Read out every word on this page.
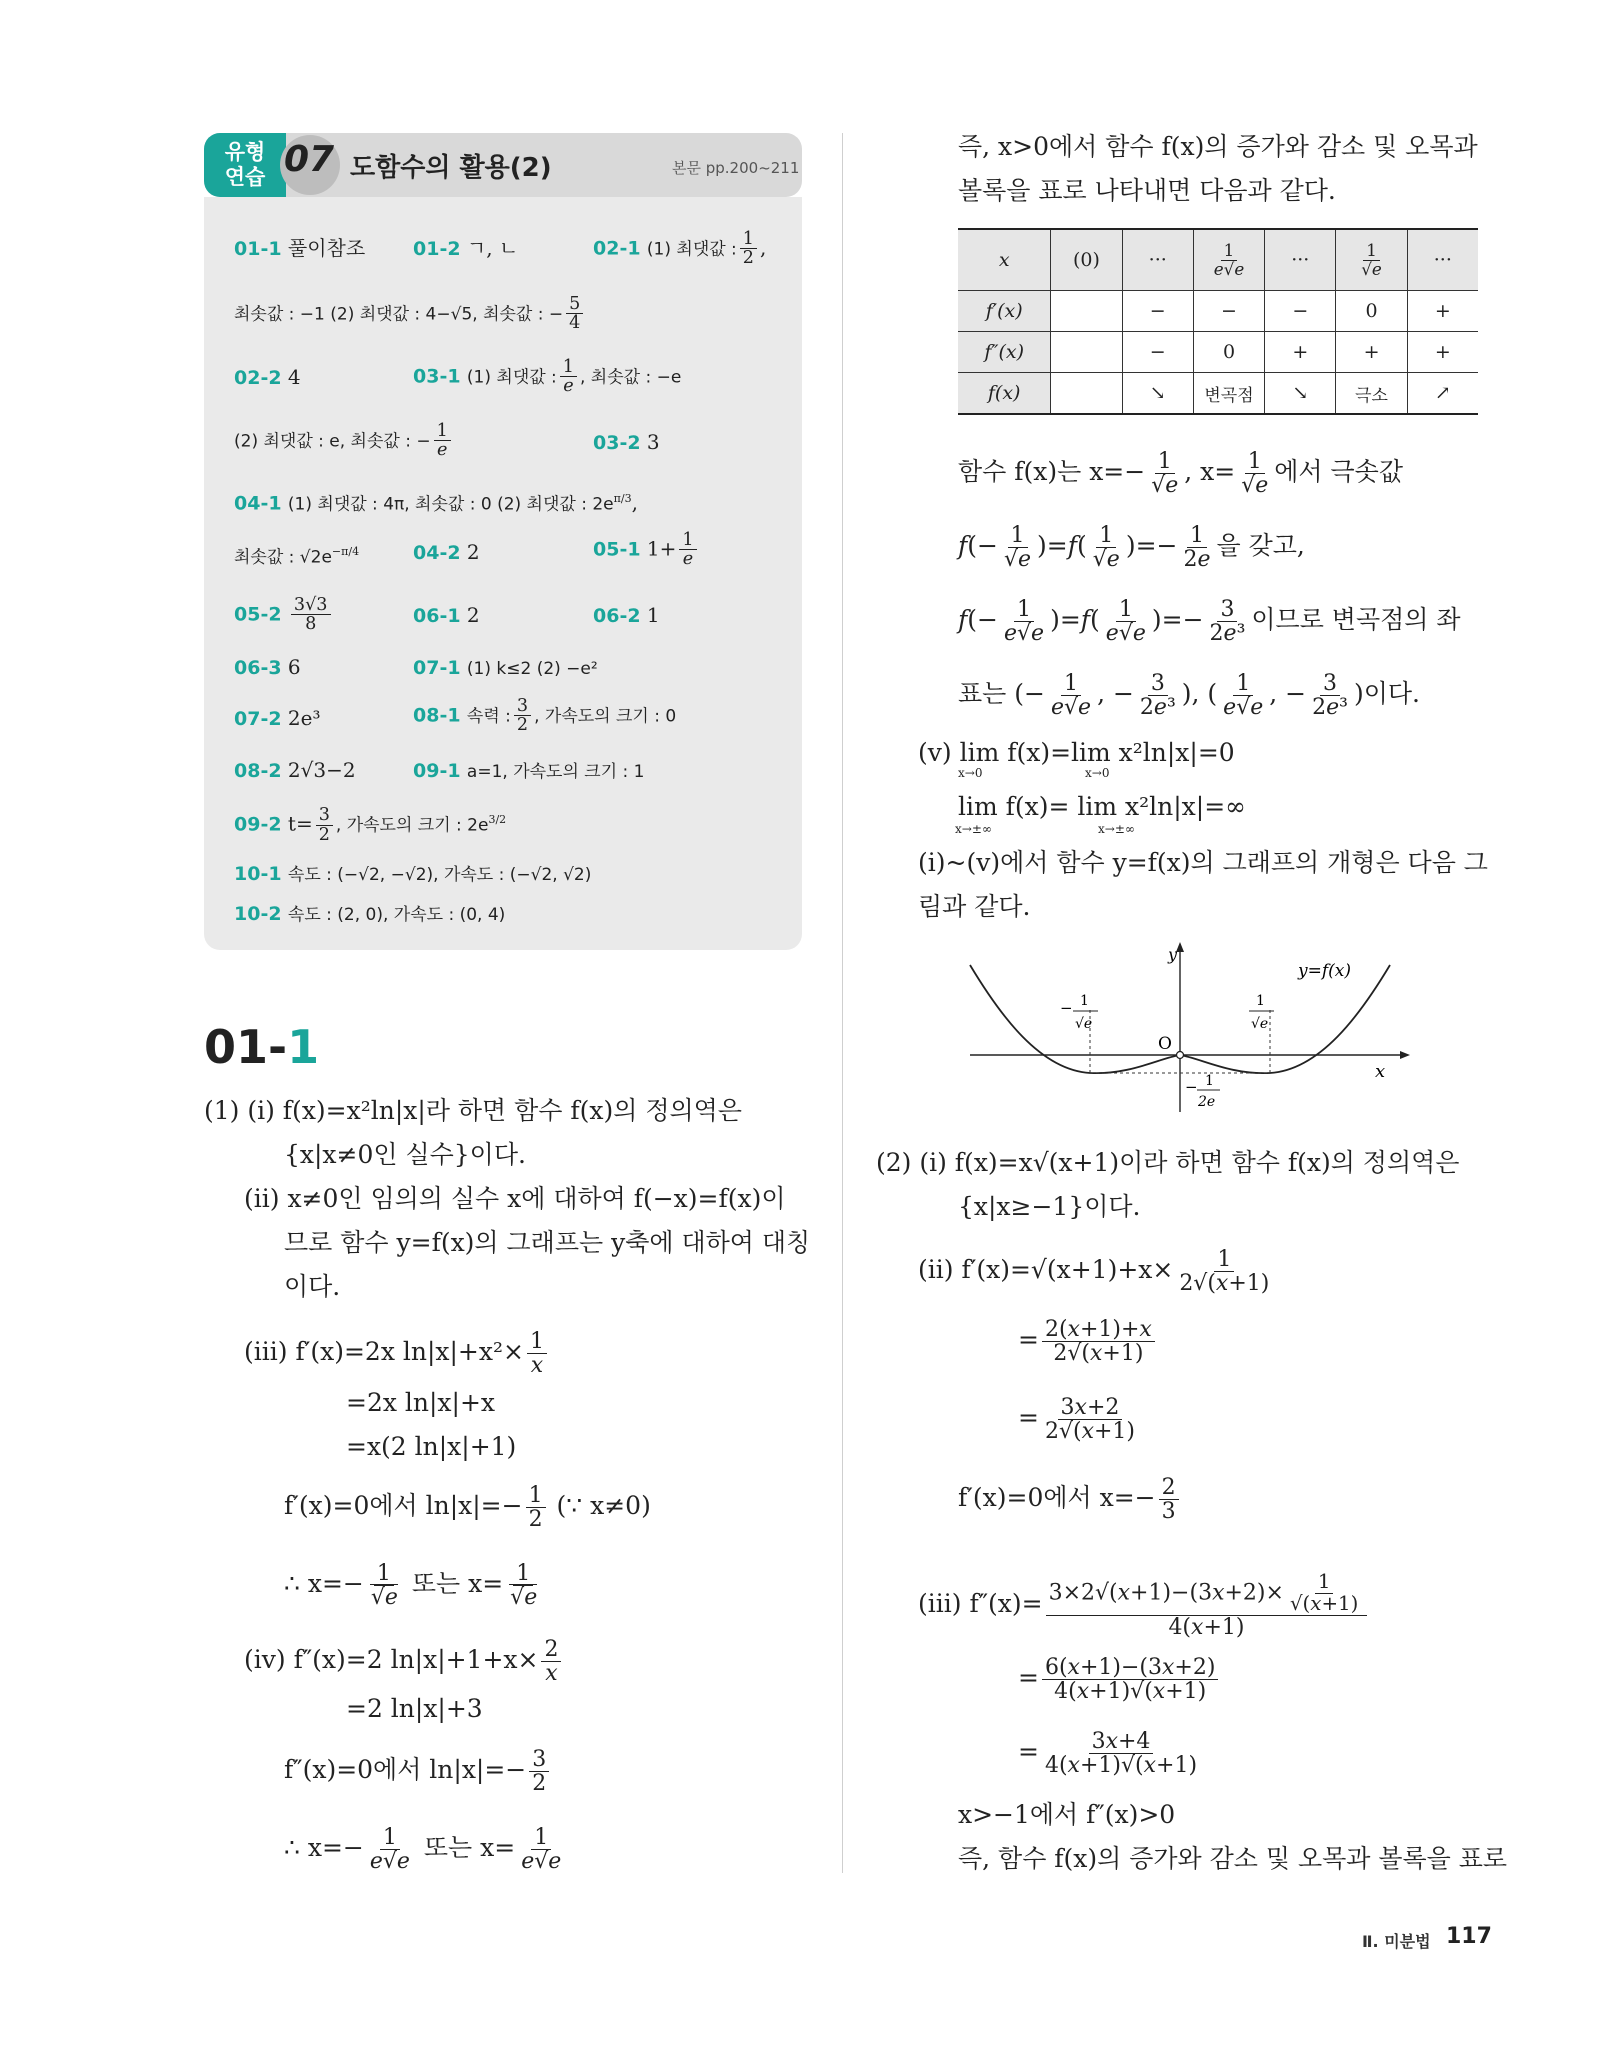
유형
연습 07 도함수의 활용(2)	본문 pp.200~211
01-1 풀이참조	01-2 ㄱ, ㄴ	02-1 (1) 최댓값 : $\frac{1}{2}$ ,
최솟값 : −1 (2) 최댓값 : 4−√5, 최솟값 : − $\frac{5}{4}$
02-2 4	03-1 (1) 최댓값 : $\frac{1}{e}$ , 최솟값 : −e
(2) 최댓값 : e, 최솟값 : − $\frac{1}{e}$	03-2 3
04-1 (1) 최댓값 : 4π, 최솟값 : 0 (2) 최댓값 : $2e^{\pi/3}$,
최솟값 : $√2e^{-\pi/4}$	04-2 2	05-1 $1+ \frac{1}{e}$
$05-2 \frac{3√3}{8}$	06-1 2	06-2 1
06-3 6	07-1 (1) k≤2 (2) −e²
07-2 2e³	08-1 속력 : $\frac{3}{2}$ , 가속도의 크기 : 0
08-2 2√3−2	09-1 a=1, 가속도의 크기 : 1
09-2 $t= \frac{3}{2}$ , 가속도의 크기 : $2e^{3/2}$
10-1 속도 : (−√2, −√2), 가속도 : (−√2, √2)
10-2 속도 : (2, 0), 가속도 : (0, 4)
01-1
(1) (i) f(x)=x²ln|x|라 하면 함수 f(x)의 정의역은
{x|x≠0인 실수}이다.
(ii) x≠0인 임의의 실수 x에 대하여 f(−x)=f(x)이
므로 함수 y=f(x)의 그래프는 y축에 대하여 대칭
이다.
(iii) f′(x)=2x $\ln|x|+x^2\times \frac{1}{x}$
=2x ln|x|+x
=x(2 ln|x|+1)
f′(x)=0에서 $\ln|x|=- \frac{1}{2}$ (∵ x≠0)
∴ $x=- \frac{1}{√e}$ 또는 $x= \frac{1}{√e}$
(iv) f″(x)=2 $\ln|x|+1+x\times \frac{2}{x}$
=2 ln|x|+3
f″(x)=0에서 $\ln|x|=- \frac{3}{2}$
∴ $x=- \frac{1}{e√e}$ 또는 $x= \frac{1}{e√e}$
즉, x>0에서 함수 f(x)의 증가와 감소 및 오목과
볼록을 표로 나타내면 다음과 같다.
x	(0)	···	$\frac{1}{e√e}$	···	$\frac{1}{√e}$	···
f′(x)		−	−	−	0	+
f″(x)		−	0	+	+	+
f(x)		↘	변곡점	↘	극소	↗
함수 f(x)는 $x=- \frac{1}{√e}$ , $x= \frac{1}{√e}$ 에서 극솟값
$f(- \frac{1}{√e} )=f( \frac{1}{√e}$ )=− $\frac{1}{2e}$ 을 갖고,
$f(- \frac{1}{e√e} )=f( \frac{1}{e√e}$ )=− $\frac{3}{\text{2e³}}$ 이므로 변곡점의 좌
표는 (− $\frac{1}{e√e}$ , − $\frac{3}{\text{2e³}}$ ), ( $\frac{1}{e√e}$ , − $\frac{3}{\text{2e³}}$ )이다.
(v) lim f(x)=lim x²ln|x|=0
x→0	x→0
lim f(x)= lim x²ln|x|=∞
x→±∞	x→±∞
(i)~(v)에서 함수 y=f(x)의 그래프의 개형은 다음 그
림과 같다.
y
x
O
y=f(x)
− 1
√e
1
√e
− 1
2e
(2) (i) f(x)=x√(x+1)이라 하면 함수 f(x)의 정의역은
{x|x≥−1}이다.
(ii) $f'(x)=√(x+1)+x\times \frac{1}{2√(x+1)}$
= $\frac{2(x+1)+x}{2√(x+1)}$
= $\frac{3x+2}{2√(x+1)}$
f′(x)=0에서 $x=- \frac{2}{3}$
(iii) $f''(x)= \frac{3\times 2√(x+1)-(3x+2)\times \frac{1}{√(x+1)}}{4(x+1)}$
= $\frac{6(x+1)-(3x+2)}{4(x+1)√(x+1)}$
= $\frac{3x+4}{4(x+1)√(x+1)}$
x>−1에서 f″(x)>0
즉, 함수 f(x)의 증가와 감소 및 오목과 볼록을 표로
Ⅱ. 미분법 117
